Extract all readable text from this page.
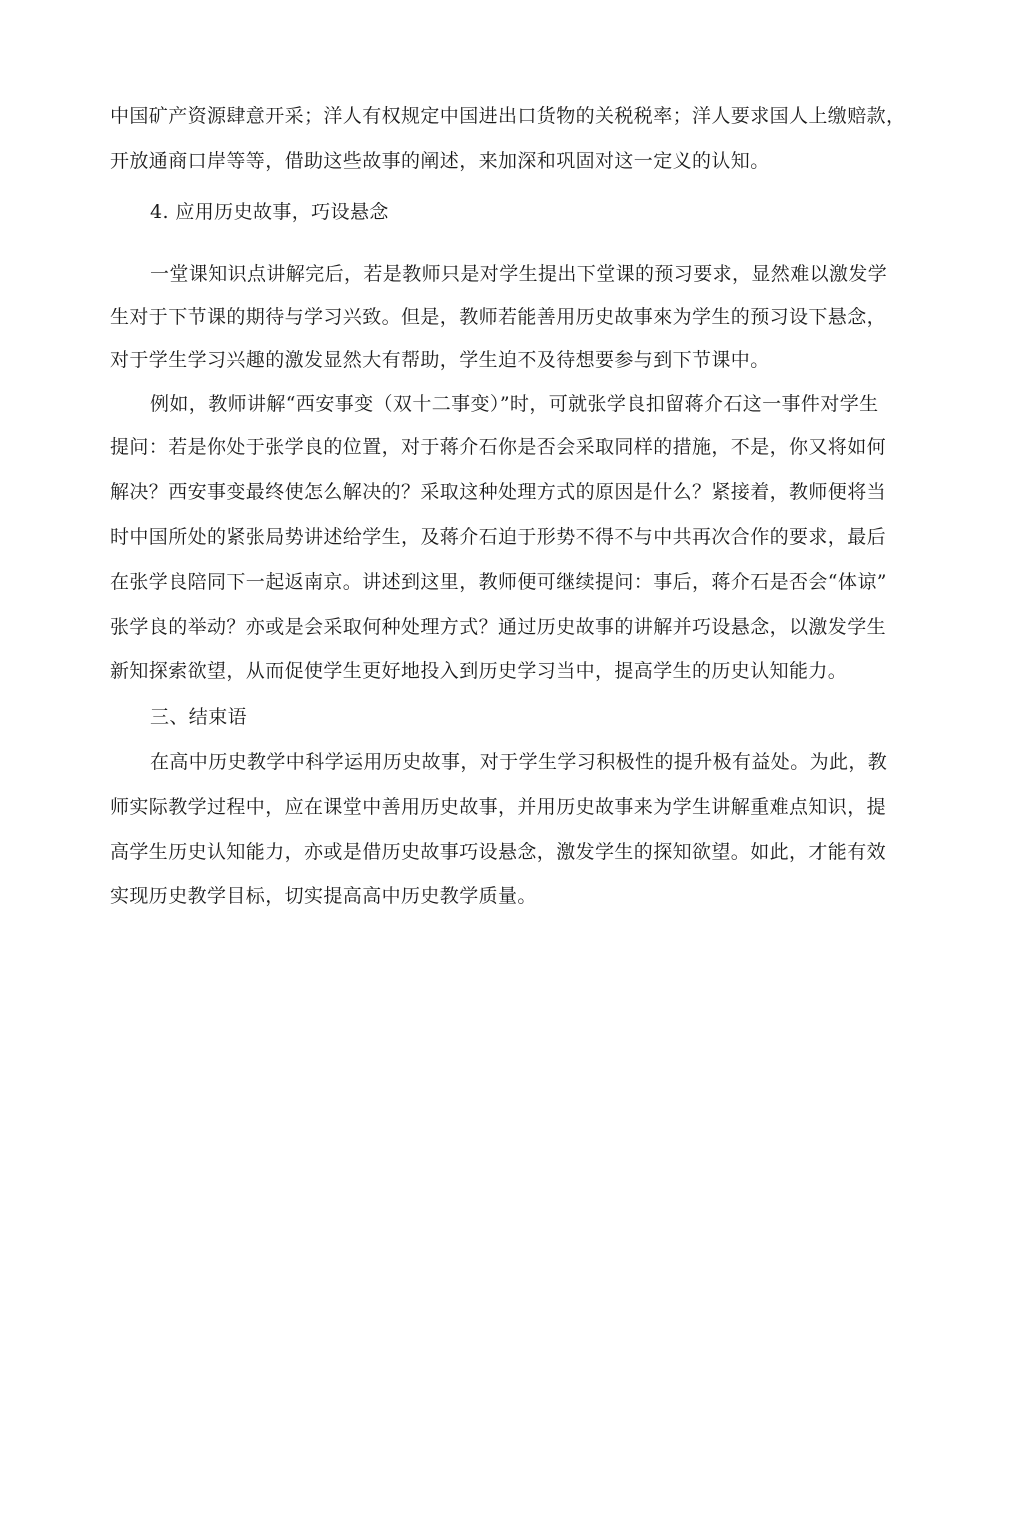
中国矿产资源肆意开采；洋人有权规定中国进出口货物的关税税率；洋人要求国人上缴赔款，
开放通商口岸等等，借助这些故事的阐述，来加深和巩固对这一定义的认知。
4. 应用历史故事，巧设悬念
一堂课知识点讲解完后，若是教师只是对学生提出下堂课的预习要求，显然难以激发学
生对于下节课的期待与学习兴致。但是，教师若能善用历史故事來为学生的预习设下悬念，
对于学生学习兴趣的激发显然大有帮助，学生迫不及待想要参与到下节课中。
例如，教师讲解“西安事变（双十二事变）”时，可就张学良扣留蒋介石这一事件对学生
提问：若是你处于张学良的位置，对于蒋介石你是否会采取同样的措施，不是，你又将如何
解决？西安事变最终使怎么解决的？采取这种处理方式的原因是什么？紧接着，教师便将当
时中国所处的紧张局势讲述给学生，及蒋介石迫于形势不得不与中共再次合作的要求，最后
在张学良陪同下一起返南京。讲述到这里，教师便可继续提问：事后，蒋介石是否会“体谅”
张学良的举动？亦或是会采取何种处理方式？通过历史故事的讲解并巧设悬念，以激发学生
新知探索欲望，从而促使学生更好地投入到历史学习当中，提高学生的历史认知能力。
三、结束语
在高中历史教学中科学运用历史故事，对于学生学习积极性的提升极有益处。为此，教
师实际教学过程中，应在课堂中善用历史故事，并用历史故事来为学生讲解重难点知识，提
高学生历史认知能力，亦或是借历史故事巧设悬念，激发学生的探知欲望。如此，才能有效
实现历史教学目标，切实提高高中历史教学质量。
